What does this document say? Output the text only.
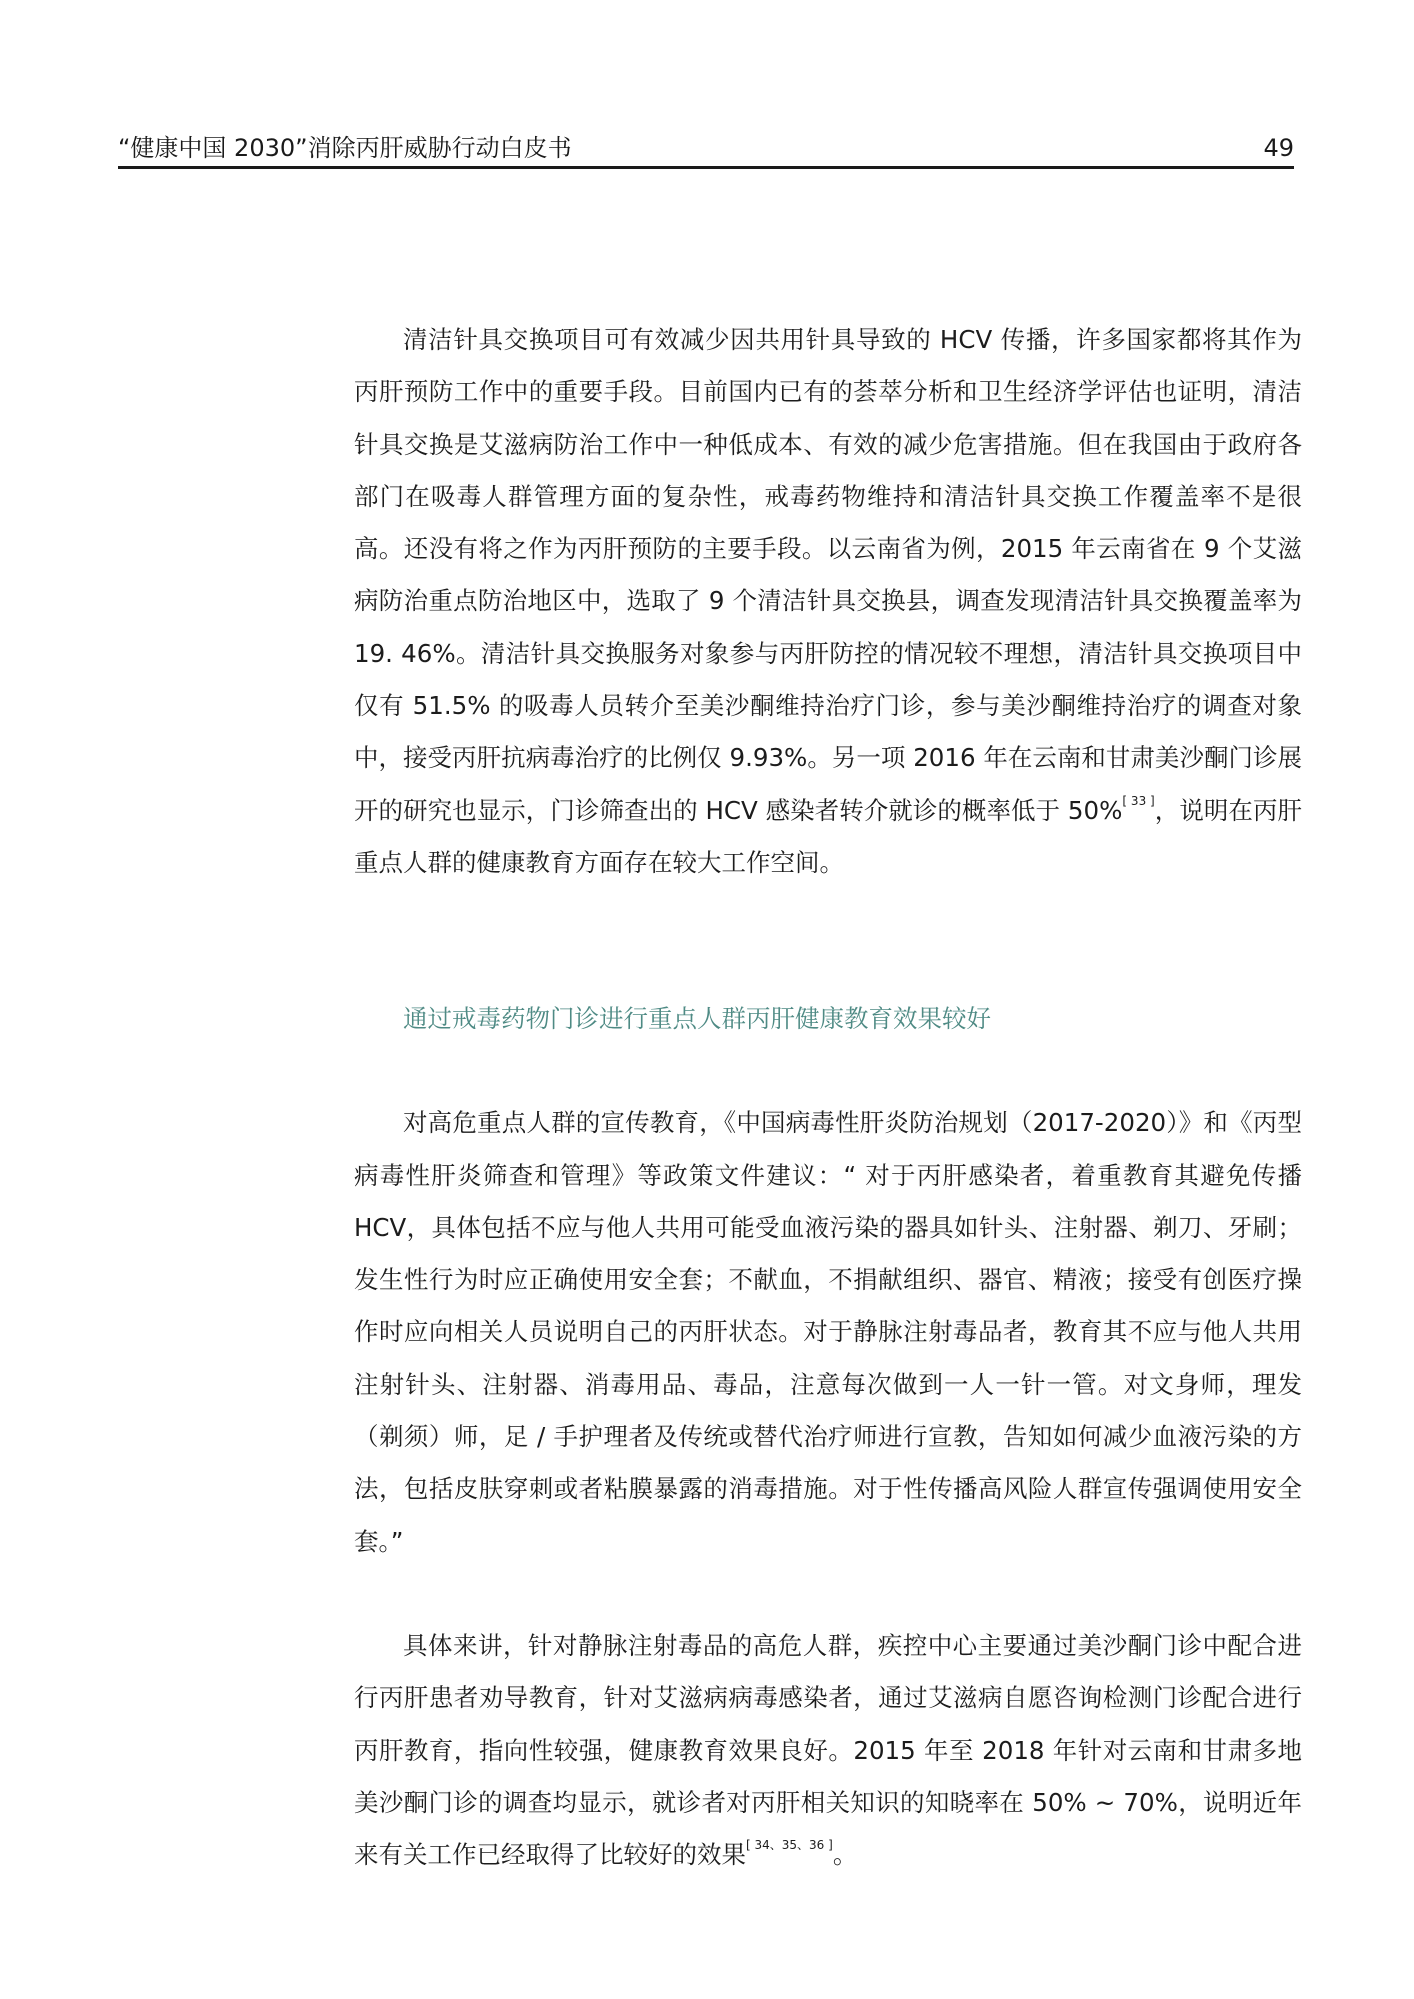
“健康中国 2030”消除丙肝威胁行动白皮书	49

清洁针具交换项目可有效减少因共用针具导致的 HCV 传播，许多国家都将其作为丙肝预防工作中的重要手段。目前国内已有的荟萃分析和卫生经济学评估也证明，清洁针具交换是艾滋病防治工作中一种低成本、有效的减少危害措施。但在我国由于政府各部门在吸毒人群管理方面的复杂性，戒毒药物维持和清洁针具交换工作覆盖率不是很高。还没有将之作为丙肝预防的主要手段。以云南省为例，2015 年云南省在 9 个艾滋病防治重点防治地区中，选取了 9 个清洁针具交换县，调查发现清洁针具交换覆盖率为 19. 46%。清洁针具交换服务对象参与丙肝防控的情况较不理想，清洁针具交换项目中仅有 51.5% 的吸毒人员转介至美沙酮维持治疗门诊，参与美沙酮维持治疗的调查对象中，接受丙肝抗病毒治疗的比例仅 9.93%。另一项 2016 年在云南和甘肃美沙酮门诊展开的研究也显示，门诊筛查出的 HCV 感染者转介就诊的概率低于 50%[ 33 ]，说明在丙肝重点人群的健康教育方面存在较大工作空间。

通过戒毒药物门诊进行重点人群丙肝健康教育效果较好

对高危重点人群的宣传教育，《中国病毒性肝炎防治规划（2017-2020）》和《丙型病毒性肝炎筛查和管理》等政策文件建议：“ 对于丙肝感染者，着重教育其避免传播 HCV，具体包括不应与他人共用可能受血液污染的器具如针头、注射器、剃刀、牙刷；发生性行为时应正确使用安全套；不献血，不捐献组织、器官、精液；接受有创医疗操作时应向相关人员说明自己的丙肝状态。对于静脉注射毒品者，教育其不应与他人共用注射针头、注射器、消毒用品、毒品，注意每次做到一人一针一管。对文身师，理发（剃须）师，足 / 手护理者及传统或替代治疗师进行宣教，告知如何减少血液污染的方法，包括皮肤穿刺或者粘膜暴露的消毒措施。对于性传播高风险人群宣传强调使用安全套。”

具体来讲，针对静脉注射毒品的高危人群，疾控中心主要通过美沙酮门诊中配合进行丙肝患者劝导教育，针对艾滋病病毒感染者，通过艾滋病自愿咨询检测门诊配合进行丙肝教育，指向性较强，健康教育效果良好。2015 年至 2018 年针对云南和甘肃多地美沙酮门诊的调查均显示，就诊者对丙肝相关知识的知晓率在 50% ~ 70%，说明近年来有关工作已经取得了比较好的效果[ 34、35、36 ]。
